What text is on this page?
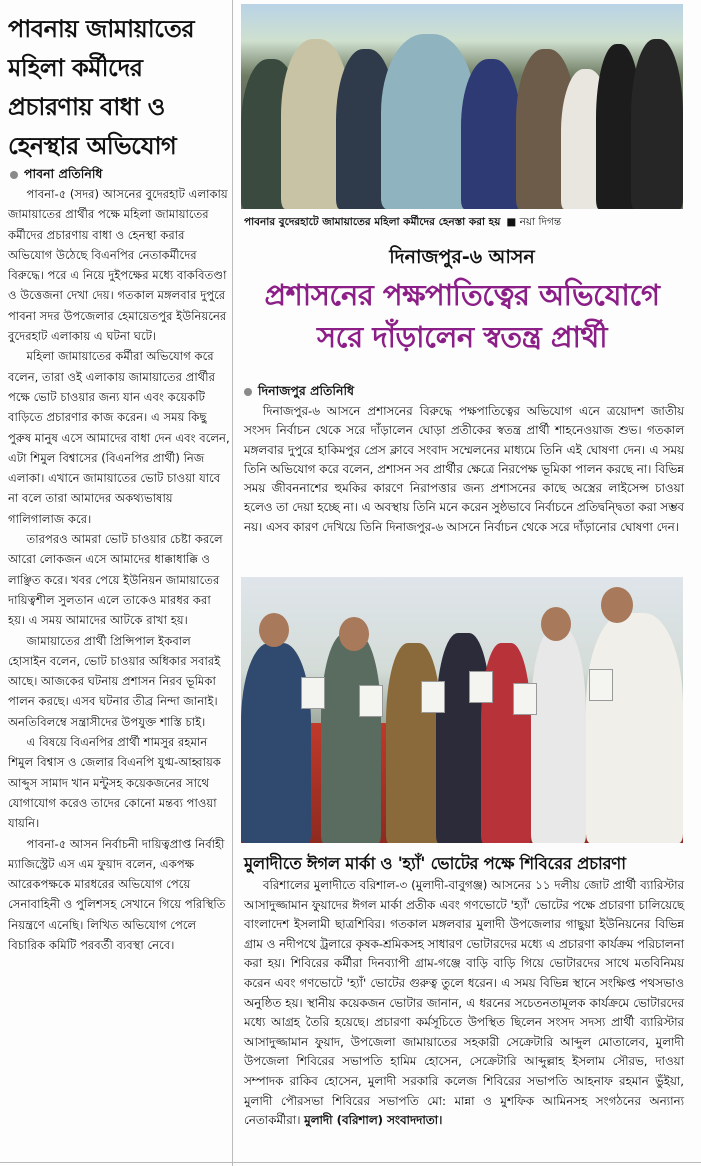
পাবনায় জামায়াতের মহিলা কর্মীদের প্রচারণায় বাধা ও হেনস্থার অভিযোগ
পাবনা প্রতিনিধি

পাবনা-৫ (সদর) আসনের বুদেরহাট এলাকায় জামায়াতের প্রার্থীর পক্ষে মহিলা জামায়াতের কর্মীদের প্রচারণায় বাধা ও হেনস্থা করার অভিযোগ উঠেছে বিএনপির নেতাকর্মীদের বিরুদ্ধে। পরে এ নিয়ে দুইপক্ষের মধ্যে বাকবিতণ্ডা ও উত্তেজনা দেখা দেয়। গতকাল মঙ্গলবার দুপুরে পাবনা সদর উপজেলার হেমায়েতপুর ইউনিয়নের বুদেরহাট এলাকায় এ ঘটনা ঘটে।

মহিলা জামায়াতের কর্মীরা অভিযোগ করে বলেন, তারা ওই এলাকায় জামায়াতের প্রার্থীর পক্ষে ভোট চাওয়ার জন্য যান এবং কয়েকটি বাড়িতে প্রচারণার কাজ করেন। এ সময় কিছু পুরুষ মানুষ এসে আমাদের বাধা দেন এবং বলেন, এটা শিমুল বিশ্বাসের (বিএনপির প্রার্থী) নিজ এলাকা। এখানে জামায়াতের ভোট চাওয়া যাবে না বলে তারা আমাদের অকথ্যভাষায় গালিগালাজ করে।

তারপরও আমরা ভোট চাওয়ার চেষ্টা করলে আরো লোকজন এসে আমাদের ধাক্কাধাক্কি ও লাঞ্ছিত করে। খবর পেয়ে ইউনিয়ন জামায়াতের দায়িত্বশীল সুলতান এলে তাকেও মারধর করা হয়। এ সময় আমাদের আটকে রাখা হয়।

জামায়াতের প্রার্থী প্রিন্সিপাল ইকবাল হোসাইন বলেন, ভোট চাওয়ার অধিকার সবারই আছে। আজকের ঘটনায় প্রশাসন নিরব ভূমিকা পালন করছে। এসব ঘটনার তীব্র নিন্দা জানাই। অনতিবিলম্বে সন্ত্রাসীদের উপযুক্ত শাস্তি চাই।

এ বিষয়ে বিএনপির প্রার্থী শামসুর রহমান শিমুল বিশ্বাস ও জেলার বিএনপি যুগ্ম-আহ্বায়ক আব্দুস সামাদ খান মন্টুসহ কয়েকজনের সাথে যোগাযোগ করেও তাদের কোনো মন্তব্য পাওয়া যায়নি।

পাবনা-৫ আসন নির্বাচনী দায়িত্বপ্রাপ্ত নির্বাহী ম্যাজিস্ট্রেট এস এম ফুয়াদ বলেন, একপক্ষ আরেকপক্ষকে মারধরের অভিযোগ পেয়ে সেনাবাহিনী ও পুলিশসহ সেখানে গিয়ে পরিস্থিতি নিয়ন্ত্রণে এনেছি। লিখিত অভিযোগ পেলে বিচারিক কমিটি পরবর্তী ব্যবস্থা নেবে।

পাবনার বুদেরহাটে জামায়াতের মহিলা কর্মীদের হেনস্তা করা হয় ■ নয়া দিগন্ত
দিনাজপুর-৬ আসন
প্রশাসনের পক্ষপাতিত্বের অভিযোগে
সরে দাঁড়ালেন স্বতন্ত্র প্রার্থী
দিনাজপুর প্রতিনিধি

দিনাজপুর-৬ আসনে প্রশাসনের বিরুদ্ধে পক্ষপাতিত্বের অভিযোগ এনে ত্রয়োদশ জাতীয় সংসদ নির্বাচন থেকে সরে দাঁড়ালেন ঘোড়া প্রতীকের স্বতন্ত্র প্রার্থী শাহনেওয়াজ শুভ। গতকাল মঙ্গলবার দুপুরে হাকিমপুর প্রেস ক্লাবে সংবাদ সম্মেলনের মাধ্যমে তিনি এই ঘোষণা দেন। এ সময় তিনি অভিযোগ করে বলেন, প্রশাসন সব প্রার্থীর ক্ষেত্রে নিরপেক্ষ ভূমিকা পালন করছে না। বিভিন্ন সময় জীবননাশের হুমকির কারণে নিরাপত্তার জন্য প্রশাসনের কাছে অস্ত্রের লাইসেন্স চাওয়া হলেও তা দেয়া হচ্ছে না। এ অবস্থায় তিনি মনে করেন সুষ্ঠভাবে নির্বাচনে প্রতিদ্বন্দ্বিতা করা সম্ভব নয়। এসব কারণ দেখিয়ে তিনি দিনাজপুর-৬ আসনে নির্বাচন থেকে সরে দাঁড়ানোর ঘোষণা দেন।

মুলাদীতে ঈগল মার্কা ও 'হ্যাঁ' ভোটের পক্ষে শিবিরের প্রচারণা

বরিশালের মুলাদীতে বরিশাল-৩ (মুলাদী-বাবুগঞ্জ) আসনের ১১ দলীয় জোট প্রার্থী ব্যারিস্টার আসাদুজ্জামান ফুয়াদের ঈগল মার্কা প্রতীক এবং গণভোটে 'হ্যাঁ' ভোটের পক্ষে প্রচারণা চালিয়েছে বাংলাদেশ ইসলামী ছাত্রশিবির। গতকাল মঙ্গলবার মুলাদী উপজেলার গাছুয়া ইউনিয়নের বিভিন্ন গ্রাম ও নদীপথে ট্রলারে কৃষক-শ্রমিকসহ সাধারণ ভোটারদের মধ্যে এ প্রচারণা কার্যক্রম পরিচালনা করা হয়। শিবিরের কর্মীরা দিনব্যাপী গ্রাম-গঞ্জে বাড়ি বাড়ি গিয়ে ভোটারদের সাথে মতবিনিময় করেন এবং গণভোটে 'হ্যাঁ' ভোটের গুরুত্ব তুলে ধরেন। এ সময় বিভিন্ন স্থানে সংক্ষিপ্ত পথসভাও অনুষ্ঠিত হয়। স্থানীয় কয়েকজন ভোটার জানান, এ ধরনের সচেতনতামূলক কার্যক্রমে ভোটারদের মধ্যে আগ্রহ তৈরি হয়েছে। প্রচারণা কর্মসূচিতে উপস্থিত ছিলেন সংসদ সদস্য প্রার্থী ব্যারিস্টার আসাদুজ্জামান ফুয়াদ, উপজেলা জামায়াতের সহকারী সেক্রেটারি আব্দুল মোতালেব, মুলাদী উপজেলা শিবিরের সভাপতি হামিম হোসেন, সেক্রেটারি আব্দুল্লাহ ইসলাম সৌরভ, দাওয়া সম্পাদক রাকিব হোসেন, মুলাদী সরকারি কলেজ শিবিরের সভাপতি আহনাফ রহমান ভুঁইয়া, মুলাদী পৌরসভা শিবিরের সভাপতি মো: মান্না ও মুশফিক আমিনসহ সংগঠনের অন্যান্য নেতাকর্মীরা। মুলাদী (বরিশাল) সংবাদদাতা।
